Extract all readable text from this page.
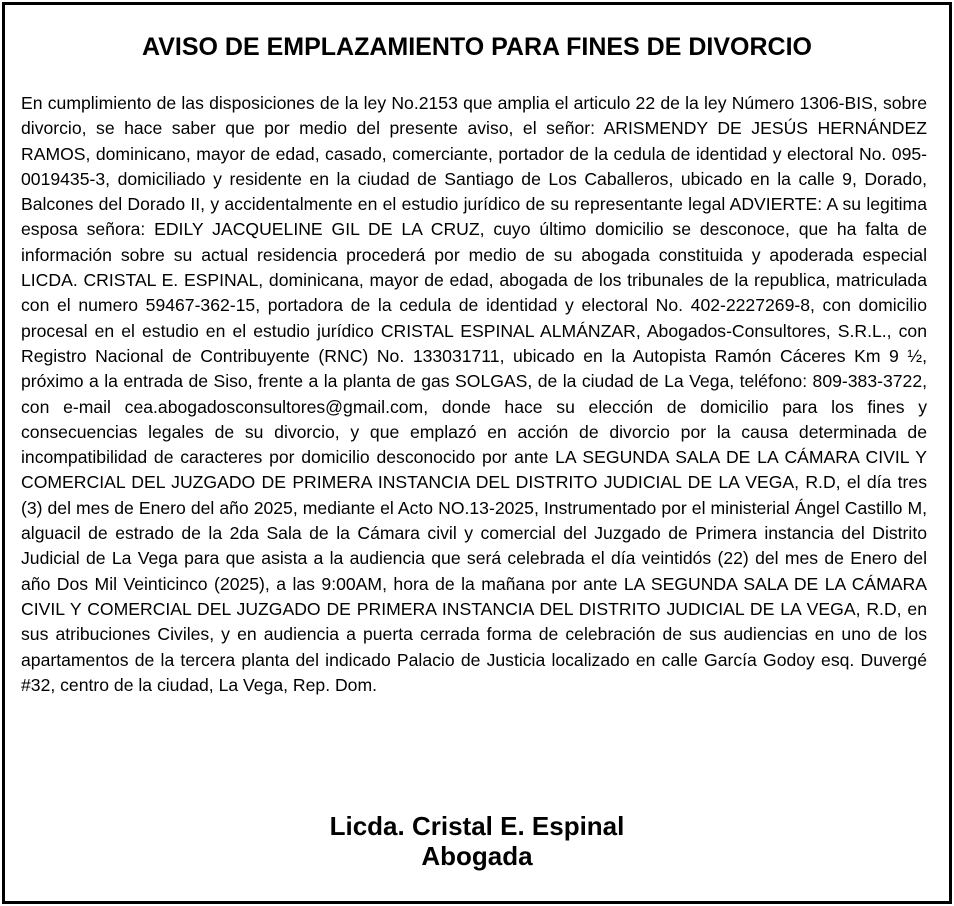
AVISO DE EMPLAZAMIENTO PARA FINES DE DIVORCIO

En cumplimiento de las disposiciones de la ley No.2153 que amplia el articulo 22 de la ley Número 1306-BIS, sobre divorcio, se hace saber que por medio del presente aviso, el señor: ARISMENDY DE JESÚS HERNÁNDEZ RAMOS, dominicano, mayor de edad, casado, comerciante, portador de la cedula de identidad y electoral No. 095-0019435-3, domiciliado y residente en la ciudad de Santiago de Los Caballeros, ubicado en la calle 9, Dorado, Balcones del Dorado II, y accidentalmente en el estudio jurídico de su representante legal ADVIERTE: A su legitima esposa señora: EDILY JACQUELINE GIL DE LA CRUZ, cuyo último domicilio se desconoce, que ha falta de información sobre su actual residencia procederá por medio de su abogada constituida y apoderada especial LICDA. CRISTAL E. ESPINAL, dominicana, mayor de edad, abogada de los tribunales de la republica, matriculada con el numero 59467-362-15, portadora de la cedula de identidad y electoral No. 402-2227269-8, con domicilio procesal en el estudio en el estudio jurídico CRISTAL ESPINAL ALMÁNZAR, Abogados-Consultores, S.R.L., con Registro Nacional de Contribuyente (RNC) No. 133031711, ubicado en la Autopista Ramón Cáceres Km 9 ½, próximo a la entrada de Siso, frente a la planta de gas SOLGAS, de la ciudad de La Vega, teléfono: 809-383-3722, con e-mail cea.abogadosconsultores@gmail.com, donde hace su elección de domicilio para los fines y consecuencias legales de su divorcio, y que emplazó en acción de divorcio por la causa determinada de incompatibilidad de caracteres por domicilio desconocido por ante LA SEGUNDA SALA DE LA CÁMARA CIVIL Y COMERCIAL DEL JUZGADO DE PRIMERA INSTANCIA DEL DISTRITO JUDICIAL DE LA VEGA, R.D, el día tres (3) del mes de Enero del año 2025, mediante el Acto NO.13-2025, Instrumentado por el ministerial Ángel Castillo M, alguacil de estrado de la 2da Sala de la Cámara civil y comercial del Juzgado de Primera instancia del Distrito Judicial de La Vega para que asista a la audiencia que será celebrada el día veintidós (22) del mes de Enero del año Dos Mil Veinticinco (2025), a las 9:00AM, hora de la mañana por ante LA SEGUNDA SALA DE LA CÁMARA CIVIL Y COMERCIAL DEL JUZGADO DE PRIMERA INSTANCIA DEL DISTRITO JUDICIAL DE LA VEGA, R.D, en sus atribuciones Civiles, y en audiencia a puerta cerrada forma de celebración de sus audiencias en uno de los apartamentos de la tercera planta del indicado Palacio de Justicia localizado en calle García Godoy esq. Duvergé #32, centro de la ciudad, La Vega, Rep. Dom.

Licda. Cristal E. Espinal
Abogada
